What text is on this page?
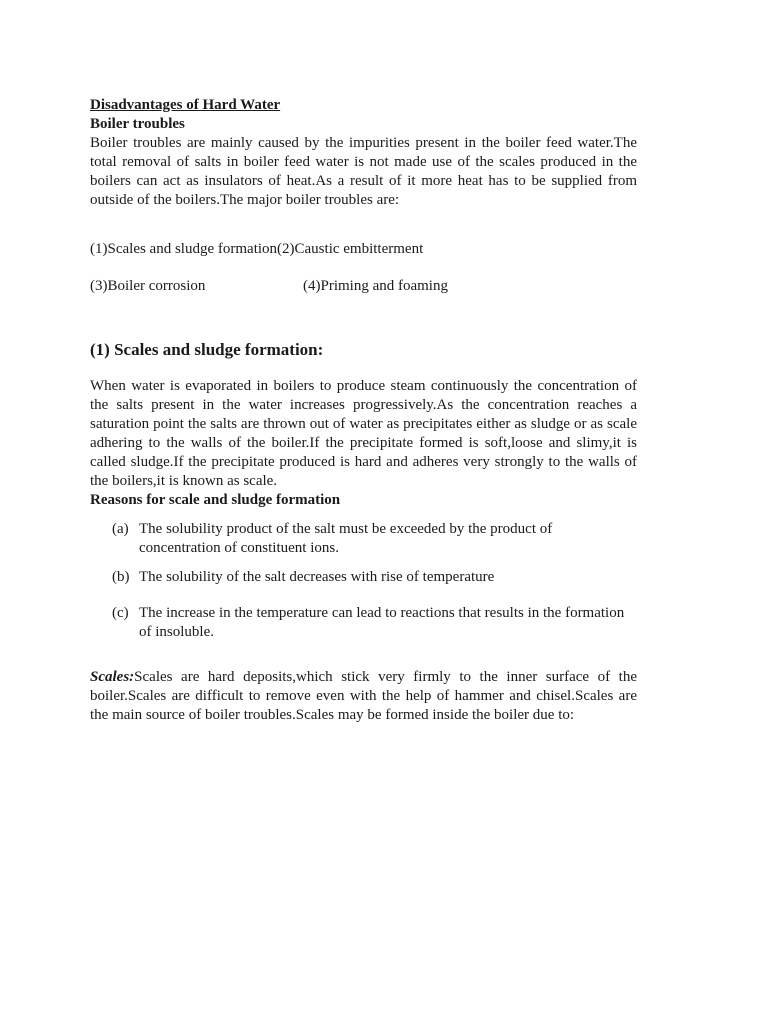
Disadvantages of Hard Water
Boiler troubles

Boiler troubles are mainly caused by the impurities present in the boiler feed water.The total removal of salts in boiler feed water is not made use of the scales produced in the boilers can act as insulators of heat.As a result of it more heat has to be supplied from outside of the boilers.The major boiler troubles are:

(1)Scales and sludge formation(2)Caustic embitterment

(3)Boiler corrosion	(4)Priming and foaming
(1) Scales and sludge formation:

When water is evaporated in boilers to produce steam continuously the concentration of the salts present in the water increases progressively.As the concentration reaches a saturation point the salts are thrown out of water as precipitates either as sludge or as scale adhering to the walls of the boiler.If the precipitate formed is soft,loose and slimy,it is called sludge.If the precipitate produced is hard and adheres very strongly to the walls of the boilers,it is known as scale.

Reasons for scale and sludge formation
(a) The solubility product of the salt must be exceeded by the product of concentration of constituent ions.
(b) The solubility of the salt decreases with rise of temperature
(c) The increase in the temperature can lead to reactions that results in the formation of insoluble.

Scales:Scales are hard deposits,which stick very firmly to the inner surface of the boiler.Scales are difficult to remove even with the help of hammer and chisel.Scales are the main source of boiler troubles.Scales may be formed inside the boiler due to:
